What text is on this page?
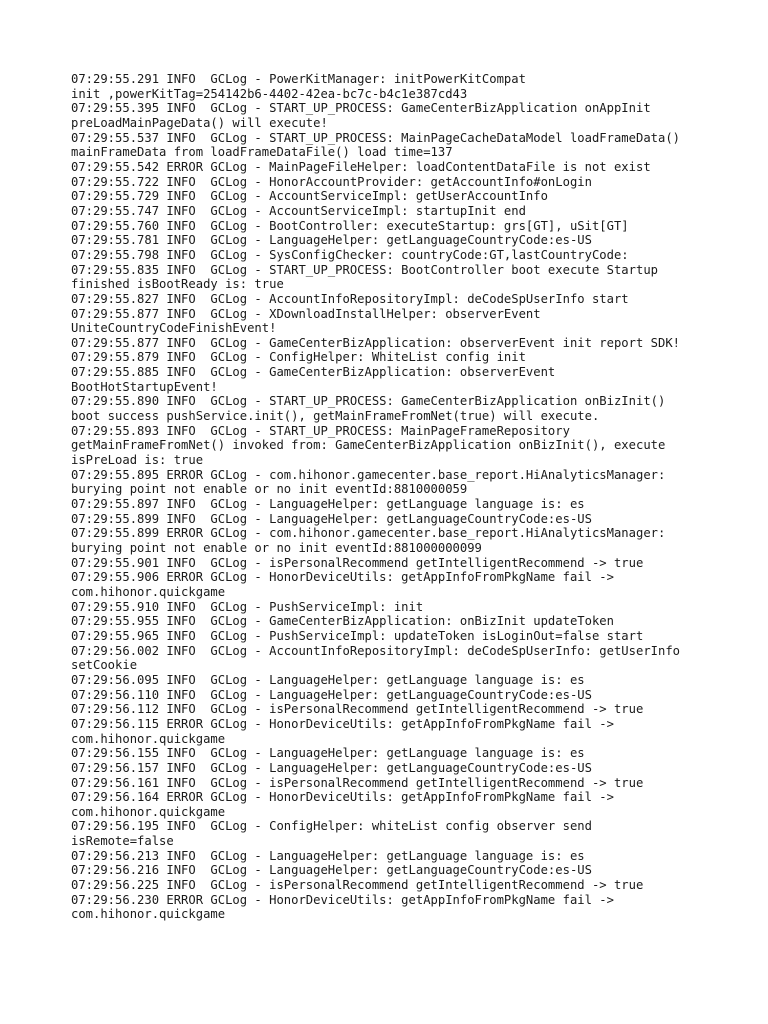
07:29:55.291 INFO  GCLog - PowerKitManager: initPowerKitCompat
init ,powerKitTag=254142b6-4402-42ea-bc7c-b4c1e387cd43
07:29:55.395 INFO  GCLog - START_UP_PROCESS: GameCenterBizApplication onAppInit
preLoadMainPageData() will execute!
07:29:55.537 INFO  GCLog - START_UP_PROCESS: MainPageCacheDataModel loadFrameData()
mainFrameData from loadFrameDataFile() load time=137
07:29:55.542 ERROR GCLog - MainPageFileHelper: loadContentDataFile is not exist
07:29:55.722 INFO  GCLog - HonorAccountProvider: getAccountInfo#onLogin
07:29:55.729 INFO  GCLog - AccountServiceImpl: getUserAccountInfo
07:29:55.747 INFO  GCLog - AccountServiceImpl: startupInit end
07:29:55.760 INFO  GCLog - BootController: executeStartup: grs[GT], uSit[GT]
07:29:55.781 INFO  GCLog - LanguageHelper: getLanguageCountryCode:es-US
07:29:55.798 INFO  GCLog - SysConfigChecker: countryCode:GT,lastCountryCode:
07:29:55.835 INFO  GCLog - START_UP_PROCESS: BootController boot execute Startup
finished isBootReady is: true
07:29:55.827 INFO  GCLog - AccountInfoRepositoryImpl: deCodeSpUserInfo start
07:29:55.877 INFO  GCLog - XDownloadInstallHelper: observerEvent
UniteCountryCodeFinishEvent!
07:29:55.877 INFO  GCLog - GameCenterBizApplication: observerEvent init report SDK!
07:29:55.879 INFO  GCLog - ConfigHelper: WhiteList config init
07:29:55.885 INFO  GCLog - GameCenterBizApplication: observerEvent
BootHotStartupEvent!
07:29:55.890 INFO  GCLog - START_UP_PROCESS: GameCenterBizApplication onBizInit()
boot success pushService.init(), getMainFrameFromNet(true) will execute.
07:29:55.893 INFO  GCLog - START_UP_PROCESS: MainPageFrameRepository
getMainFrameFromNet() invoked from: GameCenterBizApplication onBizInit(), execute
isPreLoad is: true
07:29:55.895 ERROR GCLog - com.hihonor.gamecenter.base_report.HiAnalyticsManager:
burying point not enable or no init eventId:8810000059
07:29:55.897 INFO  GCLog - LanguageHelper: getLanguage language is: es
07:29:55.899 INFO  GCLog - LanguageHelper: getLanguageCountryCode:es-US
07:29:55.899 ERROR GCLog - com.hihonor.gamecenter.base_report.HiAnalyticsManager:
burying point not enable or no init eventId:881000000099
07:29:55.901 INFO  GCLog - isPersonalRecommend getIntelligentRecommend -> true
07:29:55.906 ERROR GCLog - HonorDeviceUtils: getAppInfoFromPkgName fail ->
com.hihonor.quickgame
07:29:55.910 INFO  GCLog - PushServiceImpl: init
07:29:55.955 INFO  GCLog - GameCenterBizApplication: onBizInit updateToken
07:29:55.965 INFO  GCLog - PushServiceImpl: updateToken isLoginOut=false start
07:29:56.002 INFO  GCLog - AccountInfoRepositoryImpl: deCodeSpUserInfo: getUserInfo
setCookie
07:29:56.095 INFO  GCLog - LanguageHelper: getLanguage language is: es
07:29:56.110 INFO  GCLog - LanguageHelper: getLanguageCountryCode:es-US
07:29:56.112 INFO  GCLog - isPersonalRecommend getIntelligentRecommend -> true
07:29:56.115 ERROR GCLog - HonorDeviceUtils: getAppInfoFromPkgName fail ->
com.hihonor.quickgame
07:29:56.155 INFO  GCLog - LanguageHelper: getLanguage language is: es
07:29:56.157 INFO  GCLog - LanguageHelper: getLanguageCountryCode:es-US
07:29:56.161 INFO  GCLog - isPersonalRecommend getIntelligentRecommend -> true
07:29:56.164 ERROR GCLog - HonorDeviceUtils: getAppInfoFromPkgName fail ->
com.hihonor.quickgame
07:29:56.195 INFO  GCLog - ConfigHelper: whiteList config observer send
isRemote=false
07:29:56.213 INFO  GCLog - LanguageHelper: getLanguage language is: es
07:29:56.216 INFO  GCLog - LanguageHelper: getLanguageCountryCode:es-US
07:29:56.225 INFO  GCLog - isPersonalRecommend getIntelligentRecommend -> true
07:29:56.230 ERROR GCLog - HonorDeviceUtils: getAppInfoFromPkgName fail ->
com.hihonor.quickgame
